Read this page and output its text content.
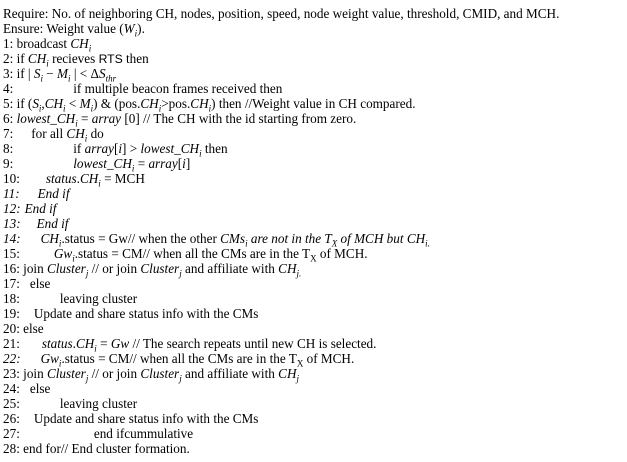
Require: No. of neighboring CH, nodes, position, speed, node weight value, threshold, CMID, and MCH.
Ensure: Weight value $(W_i)$.
1: broadcast $CH_i$
2: if $CH_i$ recieves RTS then
3: if | $S_i - M_i$ | < $\Delta S_{thr}$
4:	if multiple beacon frames received then
5: if $(S_i,CH_i < M_i)$ & $(pos.CH_i>pos.CH_i)$ then //Weight value in CH compared.
6: $lowest\_CH_i$ = array [0] // The CH with the id starting from zero.
7: for all $CH_i$ do
8:	if array[i] > $lowest\_CH_i$ then
9:	$lowest\_CH_i$ = array[i]
10: $status.CH_i$ = MCH
11: End if
12: End if
13: End if
14: $CH_i.status = Gw//$ when the other CMs$_i$ are not in the $T_X$ of MCH but $CH_{i.}$
15:	$Gw_i.status = CM//$ when all the CMs are in the $T_X$ of MCH.
16: join Cluster$_j$ // or join Cluster$_j$ and affiliate with $CH_{j.}$
17: else
18:	leaving cluster
19: Update and share status info with the CMs
20: else
21: $status.CH_i = Gw$ // The search repeats until new CH is selected.
22: $Gw_i.status = CM//$ when all the CMs are in the $T_X$ of MCH.
23: join Cluster$_j$ // or join Cluster$_j$ and affiliate with $CH_j$
24: else
25:	leaving cluster
26: Update and share status info with the CMs
27:	end ifcummulative
28: end for// End cluster formation.
